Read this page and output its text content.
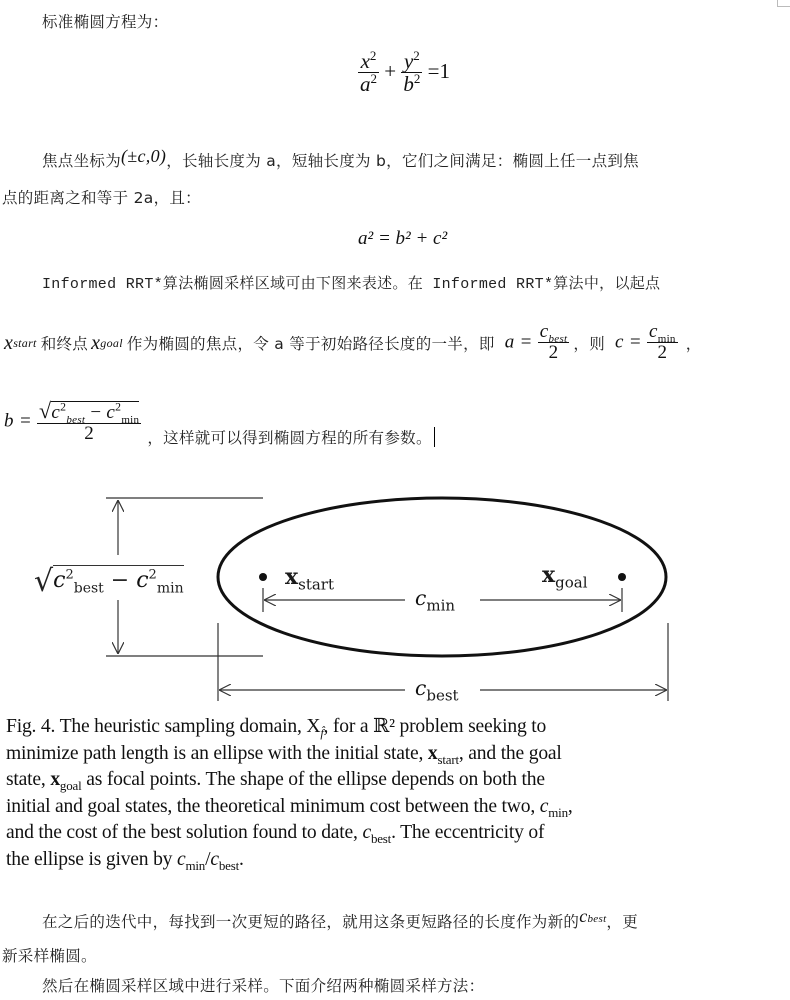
标准椭圆方程为：
$\frac{x^2}{a^2} + \frac{y^2}{b^2} =1$
焦点坐标为(±c,0)，长轴长度为 a，短轴长度为 b，它们之间满足：椭圆上任一点到焦
点的距离之和等于 2a，且：
a² = b² + c²
Informed RRT*算法椭圆采样区域可由下图来表述。在 Informed RRT*算法中，以起点
x start 和终点 x goal 作为椭圆的焦点，令 a 等于初始路径长度的一半，即 $a = \frac{c_{best}}{2}$ ，则 $c = \frac{c_{min}}{2}$ ，
$b = \frac{√c^2_{best} - c^2_{min}}{2}$ ，这样就可以得到椭圆方程的所有参数。
$√c^2_{best} - c^2_{min}$	$x_{start}$	$x_{goal}$
$c_{min}$
$c_{best}$
Fig. 4. The heuristic sampling domain, $X_{f̂}$, for a ℝ² problem seeking to
minimize path length is an ellipse with the initial state, $x_{start}$, and the goal
state, $x_{goal}$ as focal points. The shape of the ellipse depends on both the
initial and goal states, the theoretical minimum cost between the two, $c_{min}$,
and the cost of the best solution found to date, $c_{best}$. The eccentricity of
the ellipse is given by $c_{min}/c_{best}$.
在之后的迭代中，每找到一次更短的路径，就用这条更短路径的长度作为新的$c_{best}$，更
新采样椭圆。
然后在椭圆采样区域中进行采样。下面介绍两种椭圆采样方法：
